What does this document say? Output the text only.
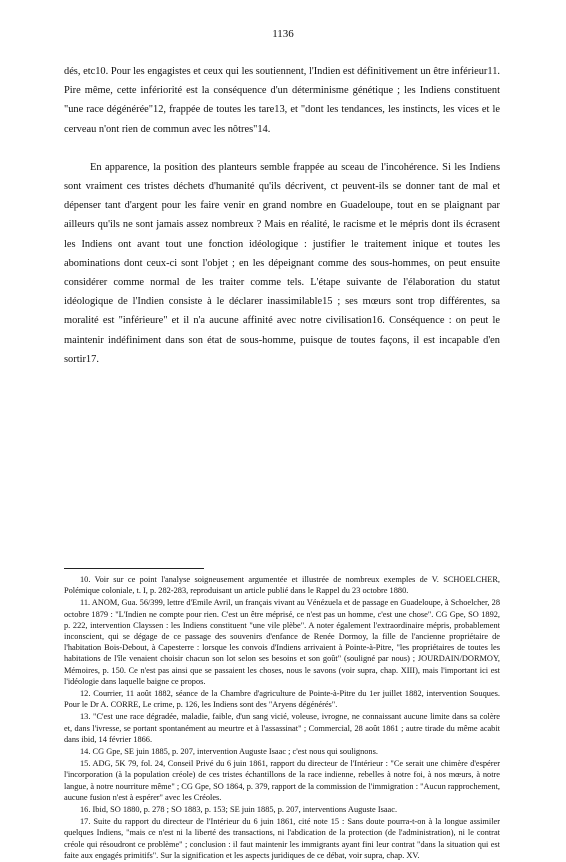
1136

dés, etc10. Pour les engagistes et ceux qui les soutiennent, l'Indien est définitivement un être inférieur11. Pire même, cette infériorité est la conséquence d'un déterminisme génétique ; les Indiens constituent "une race dégénérée"12, frappée de toutes les tare13, et "dont les tendances, les instincts, les vices et le cerveau n'ont rien de commun avec les nôtres"14.

En apparence, la position des planteurs semble frappée au sceau de l'incohérence. Si les Indiens sont vraiment ces tristes déchets d'humanité qu'ils décrivent, ct peuvent-ils se donner tant de mal et dépenser tant d'argent pour les faire venir en grand nombre en Guadeloupe, tout en se plaignant par ailleurs qu'ils ne sont jamais assez nombreux ? Mais en réalité, le racisme et le mépris dont ils écrasent les Indiens ont avant tout une fonction idéologique : justifier le traitement inique et toutes les abominations dont ceux-ci sont l'objet ; en les dépeignant comme des sous-hommes, on peut ensuite considérer comme normal de les traiter comme tels. L'étape suivante de l'élaboration du statut idéologique de l'Indien consiste à le déclarer inassimilable15 ; ses mœurs sont trop différentes, sa moralité est "inférieure" et il n'a aucune affinité avec notre civilisation16. Conséquence : on peut le maintenir indéfiniment dans son état de sous-homme, puisque de toutes façons, il est incapable d'en sortir17.

10. Voir sur ce point l'analyse soigneusement argumentée et illustrée de nombreux exemples de V. SCHOELCHER, Polémique coloniale, t. I, p. 282-283, reproduisant un article publié dans le Rappel du 23 octobre 1880.

11. ANOM, Gua. 56/399, lettre d'Emile Avril, un français vivant au Vénézuela et de passage en Guadeloupe, à Schoelcher, 28 octobre 1879 : "L'Indien ne compte pour rien. C'est un être méprisé, ce n'est pas un homme, c'est une chose". CG Gpe, SO 1892, p. 222, intervention Clayssen : les Indiens constituent "une vile plèbe". A noter également l'extraordinaire mépris, probablement inconscient, qui se dégage de ce passage des souvenirs d'enfance de Renée Dormoy, la fille de l'ancienne propriétaire de l'habitation Bois-Debout, à Capesterre : lorsque les convois d'Indiens arrivaient à Pointe-à-Pitre, "les propriétaires de toutes les habitations de l'île venaient choisir chacun son lot selon ses besoins et son goût" (souligné par nous) ; JOURDAIN/DORMOY, Mémoires, p. 150. Ce n'est pas ainsi que se passaient les choses, nous le savons (voir supra, chap. XIII), mais l'important ici est l'idéologie dans laquelle baigne ce propos.

12. Courrier, 11 août 1882, séance de la Chambre d'agriculture de Pointe-à-Pitre du 1er juillet 1882, intervention Souques. Pour le Dr A. CORRE, Le crime, p. 126, les Indiens sont des "Aryens dégénérés".

13. "C'est une race dégradée, maladie, faible, d'un sang vicié, voleuse, ivrogne, ne connaissant aucune limite dans sa colère et, dans l'ivresse, se portant spontanément au meurtre et à l'assassinat" ; Commercial, 28 août 1861 ; autre tirade du même acabit dans ibid, 14 février 1866.

14. CG Gpe, SE juin 1885, p. 207, intervention Auguste Isaac ; c'est nous qui soulignons.

15. ADG, 5K 79, fol. 24, Conseil Privé du 6 juin 1861, rapport du directeur de l'Intérieur : "Ce serait une chimère d'espérer l'incorporation (à la population créole) de ces tristes échantillons de la race indienne, rebelles à notre foi, à nos mœurs, à notre langue, à notre nourriture même" ; CG Gpe, SO 1864, p. 379, rapport de la commission de l'immigration : "Aucun rapprochement, aucune fusion n'est à espérer" avec les Créoles.

16. Ibid, SO 1880, p. 278 ; SO 1883, p. 153; SE juin 1885, p. 207, interventions Auguste Isaac.

17. Suite du rapport du directeur de l'Intérieur du 6 juin 1861, cité note 15 : Sans doute pourra-t-on à la longue assimiler quelques Indiens, "mais ce n'est ni la liberté des transactions, ni l'abdication de la protection (de l'administration), ni le contrat créole qui résoudront ce problème" ; conclusion : il faut maintenir les immigrants ayant fini leur contrat "dans la situation qui est faite aux engagés primitifs". Sur la signification et les aspects juridiques de ce débat, voir supra, chap. XV.
